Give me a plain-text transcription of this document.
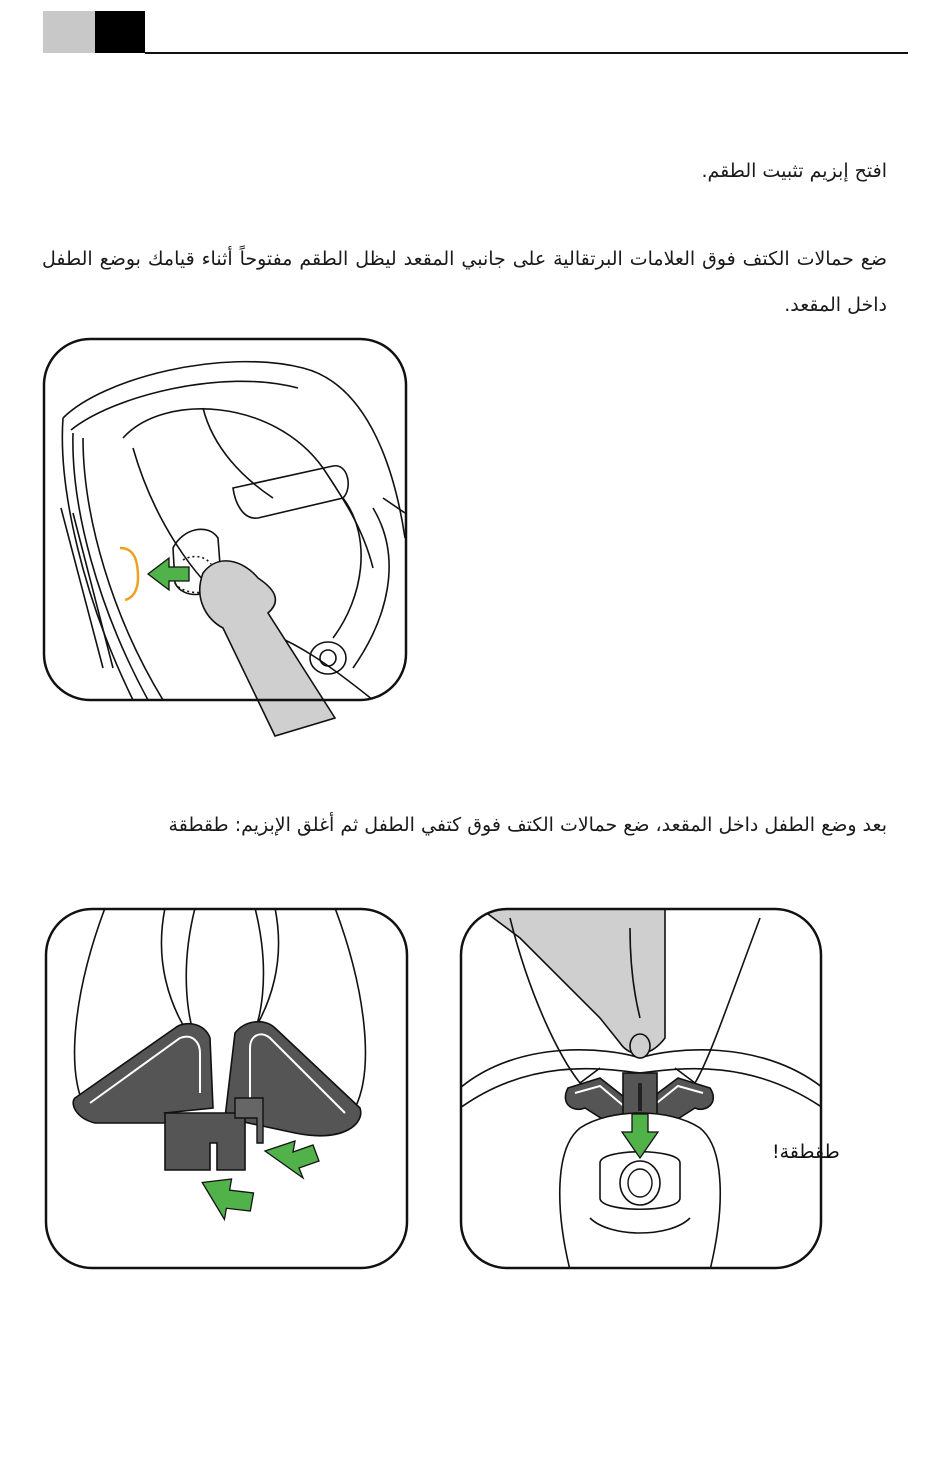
افتح إبزيم تثبيت الطقم.
ضع حمالات الكتف فوق العلامات البرتقالية على جانبي المقعد ليظل الطقم مفتوحاً أثناء قيامك بوضع الطفل داخل المقعد.
بعد وضع الطفل داخل المقعد، ضع حمالات الكتف فوق كتفي الطفل ثم أغلق الإبزيم: طقطقة
طقطقة!
